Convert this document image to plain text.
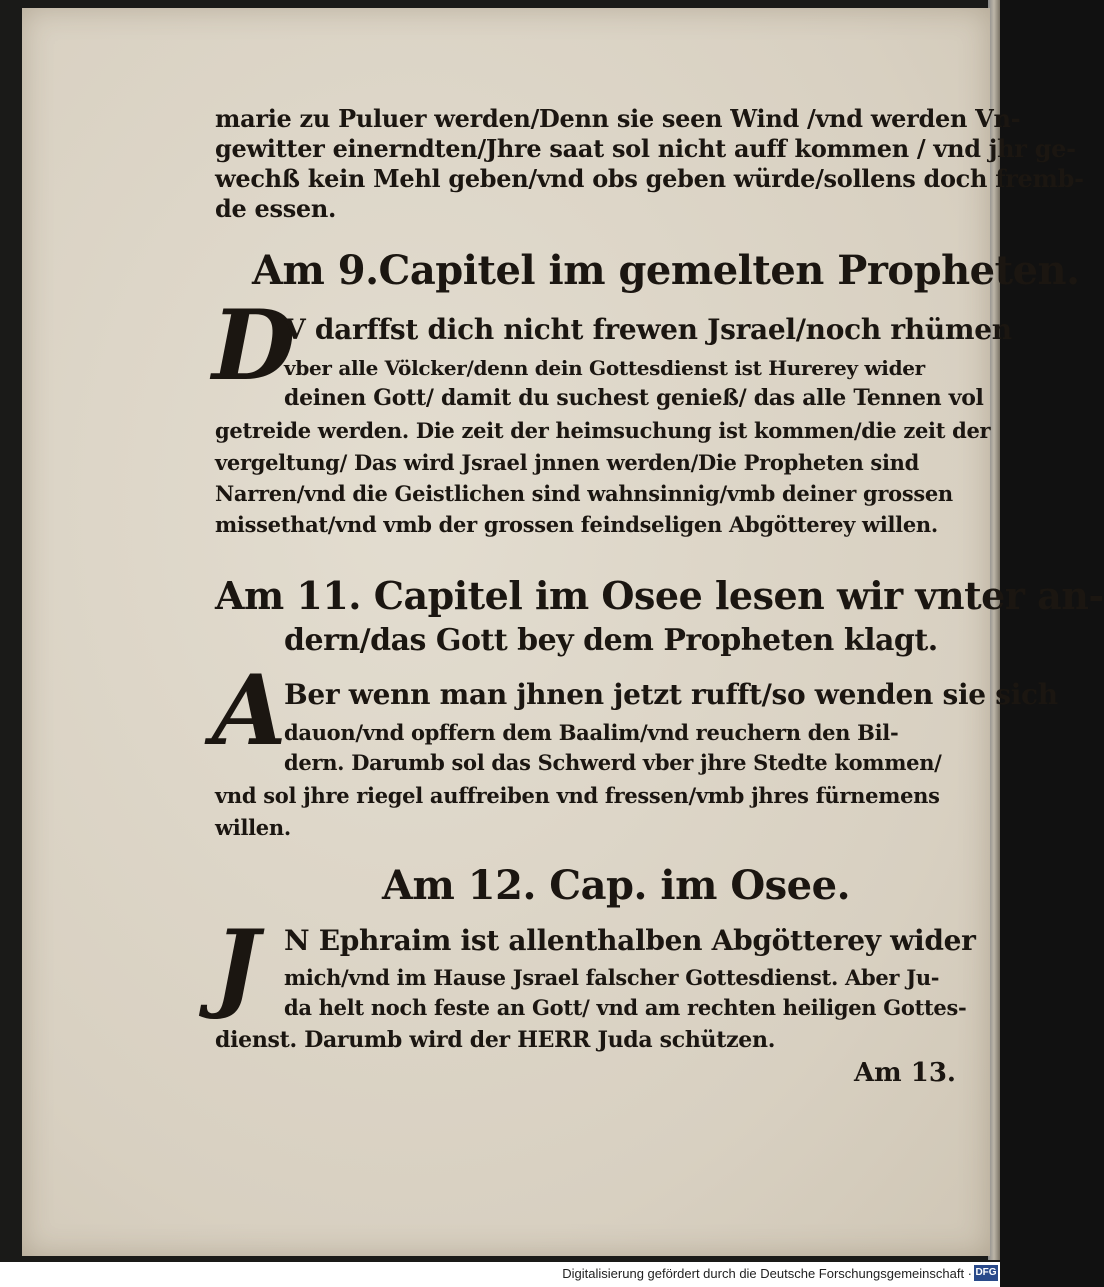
marie zu Puluer werden/Denn sie seen Wind /vnd werden Vn-
gewitter einerndten/Jhre saat sol nicht auff kommen / vnd jhr ge-
wechß kein Mehl geben/vnd obs geben würde/sollens doch fremb-
de essen.
Am 9.Capitel im gemelten Propheten.
D
V darffst dich nicht frewen Jsrael/noch rhümen
vber alle Völcker/denn dein Gottesdienst ist Hurerey wider
deinen Gott/ damit du suchest genieß/ das alle Tennen vol
getreide werden. Die zeit der heimsuchung ist kommen/die zeit der
vergeltung/ Das wird Jsrael jnnen werden/Die Propheten sind
Narren/vnd die Geistlichen sind wahnsinnig/vmb deiner grossen
missethat/vnd vmb der grossen feindseligen Abgötterey willen.
Am 11. Capitel im Osee lesen wir vnter an-
dern/das Gott bey dem Propheten klagt.
A
Ber wenn man jhnen jetzt rufft/so wenden sie sich
dauon/vnd opffern dem Baalim/vnd reuchern den Bil-
dern. Darumb sol das Schwerd vber jhre Stedte kommen/
vnd sol jhre riegel auffreiben vnd fressen/vmb jhres fürnemens
willen.
Am 12. Cap. im Osee.
J N Ephraim ist allenthalben Abgötterey wider
mich/vnd im Hause Jsrael falscher Gottesdienst. Aber Ju-
da helt noch feste an Gott/ vnd am rechten heiligen Gottes-
dienst. Darumb wird der HERR Juda schützen.
Am 13.
Digitalisierung gefördert durch die Deutsche Forschungsgemeinschaft · DFG
